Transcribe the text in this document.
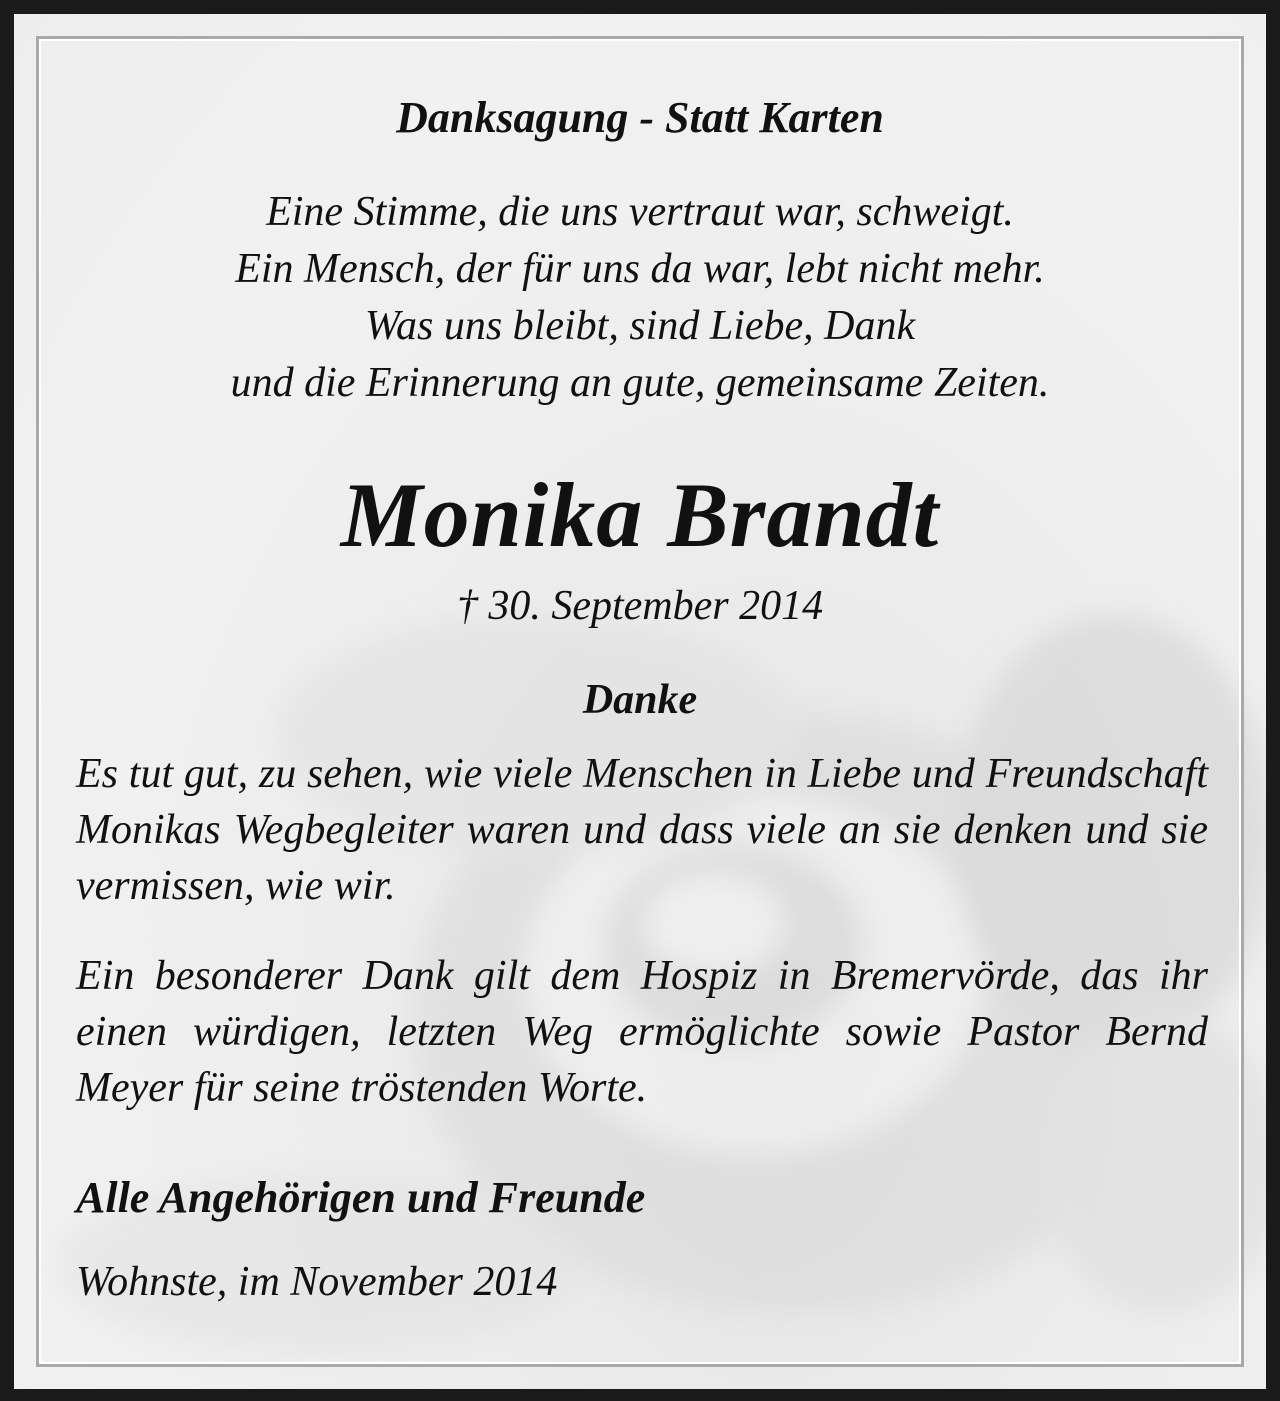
Danksagung - Statt Karten

Eine Stimme, die uns vertraut war, schweigt.
Ein Mensch, der für uns da war, lebt nicht mehr.
Was uns bleibt, sind Liebe, Dank
und die Erinnerung an gute, gemeinsame Zeiten.

Monika Brandt

† 30. September 2014

Danke

Es tut gut, zu sehen, wie viele Menschen in Liebe und Freundschaft Monikas Wegbegleiter waren und dass viele an sie denken und sie vermissen, wie wir.

Ein besonderer Dank gilt dem Hospiz in Bremervörde, das ihr einen würdigen, letzten Weg ermöglichte sowie Pastor Bernd Meyer für seine tröstenden Worte.

Alle Angehörigen und Freunde

Wohnste, im November 2014
